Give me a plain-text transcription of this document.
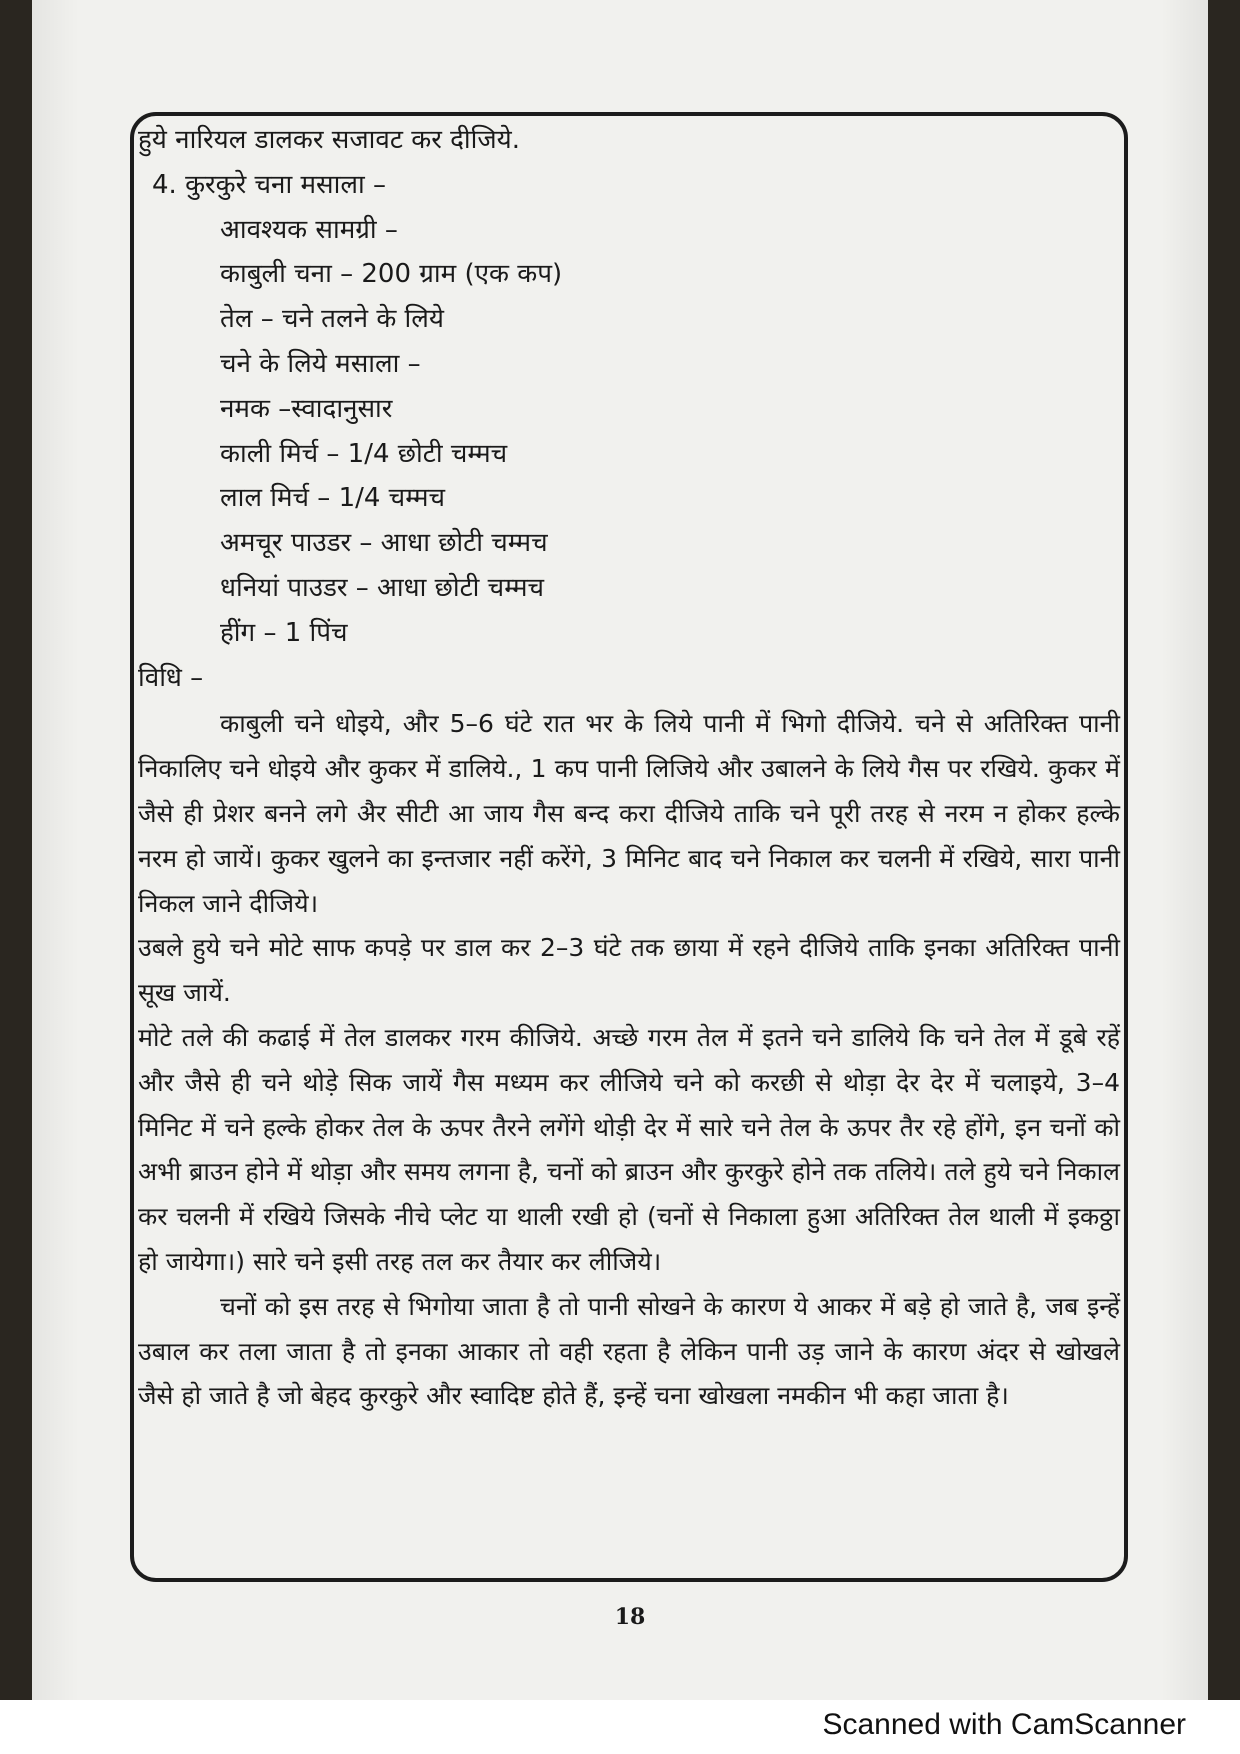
हुये नारियल डालकर सजावट कर दीजिये.
4. कुरकुरे चना मसाला –
आवश्यक सामग्री –
काबुली चना – 200 ग्राम (एक कप)
तेल – चने तलने के लिये
चने के लिये मसाला –
नमक –स्वादानुसार
काली मिर्च – 1/4 छोटी चम्मच
लाल मिर्च – 1/4 चम्मच
अमचूर पाउडर – आधा छोटी चम्मच
धनियां पाउडर – आधा छोटी चम्मच
हींग – 1 पिंच
विधि –

काबुली चने धोइये, और 5–6 घंटे रात भर के लिये पानी में भिगो दीजिये. चने से अतिरिक्त पानी निकालिए चने धोइये और कुकर में डालिये., 1 कप पानी लिजिये और उबालने के लिये गैस पर रखिये. कुकर में जैसे ही प्रेशर बनने लगे अैर सीटी आ जाय गैस बन्द करा दीजिये ताकि चने पूरी तरह से नरम न होकर हल्के नरम हो जायें। कुकर खुलने का इन्तजार नहीं करेंगे, 3 मिनिट बाद चने निकाल कर चलनी में रखिये, सारा पानी निकल जाने दीजिये।

उबले हुये चने मोटे साफ कपड़े पर डाल कर 2–3 घंटे तक छाया में रहने दीजिये ताकि इनका अतिरिक्त पानी सूख जायें.

मोटे तले की कढाई में तेल डालकर गरम कीजिये. अच्छे गरम तेल में इतने चने डालिये कि चने तेल में डूबे रहें और जैसे ही चने थोड़े सिक जायें गैस मध्यम कर लीजिये चने को करछी से थोड़ा देर देर में चलाइये, 3–4 मिनिट में चने हल्के होकर तेल के ऊपर तैरने लगेंगे थोड़ी देर में सारे चने तेल के ऊपर तैर रहे होंगे, इन चनों को अभी ब्राउन होने में थोड़ा और समय लगना है, चनों को ब्राउन और कुरकुरे होने तक तलिये। तले हुये चने निकाल कर चलनी में रखिये जिसके नीचे प्लेट या थाली रखी हो (चनों से निकाला हुआ अतिरिक्त तेल थाली में इकठ्ठा हो जायेगा।) सारे चने इसी तरह तल कर तैयार कर लीजिये।

चनों को इस तरह से भिगोया जाता है तो पानी सोखने के कारण ये आकर में बड़े हो जाते है, जब इन्हें उबाल कर तला जाता है तो इनका आकार तो वही रहता है लेकिन पानी उड़ जाने के कारण अंदर से खोखले जैसे हो जाते है जो बेहद कुरकुरे और स्वादिष्ट होते हैं, इन्हें चना खोखला नमकीन भी कहा जाता है।

18
Scanned with CamScanner
